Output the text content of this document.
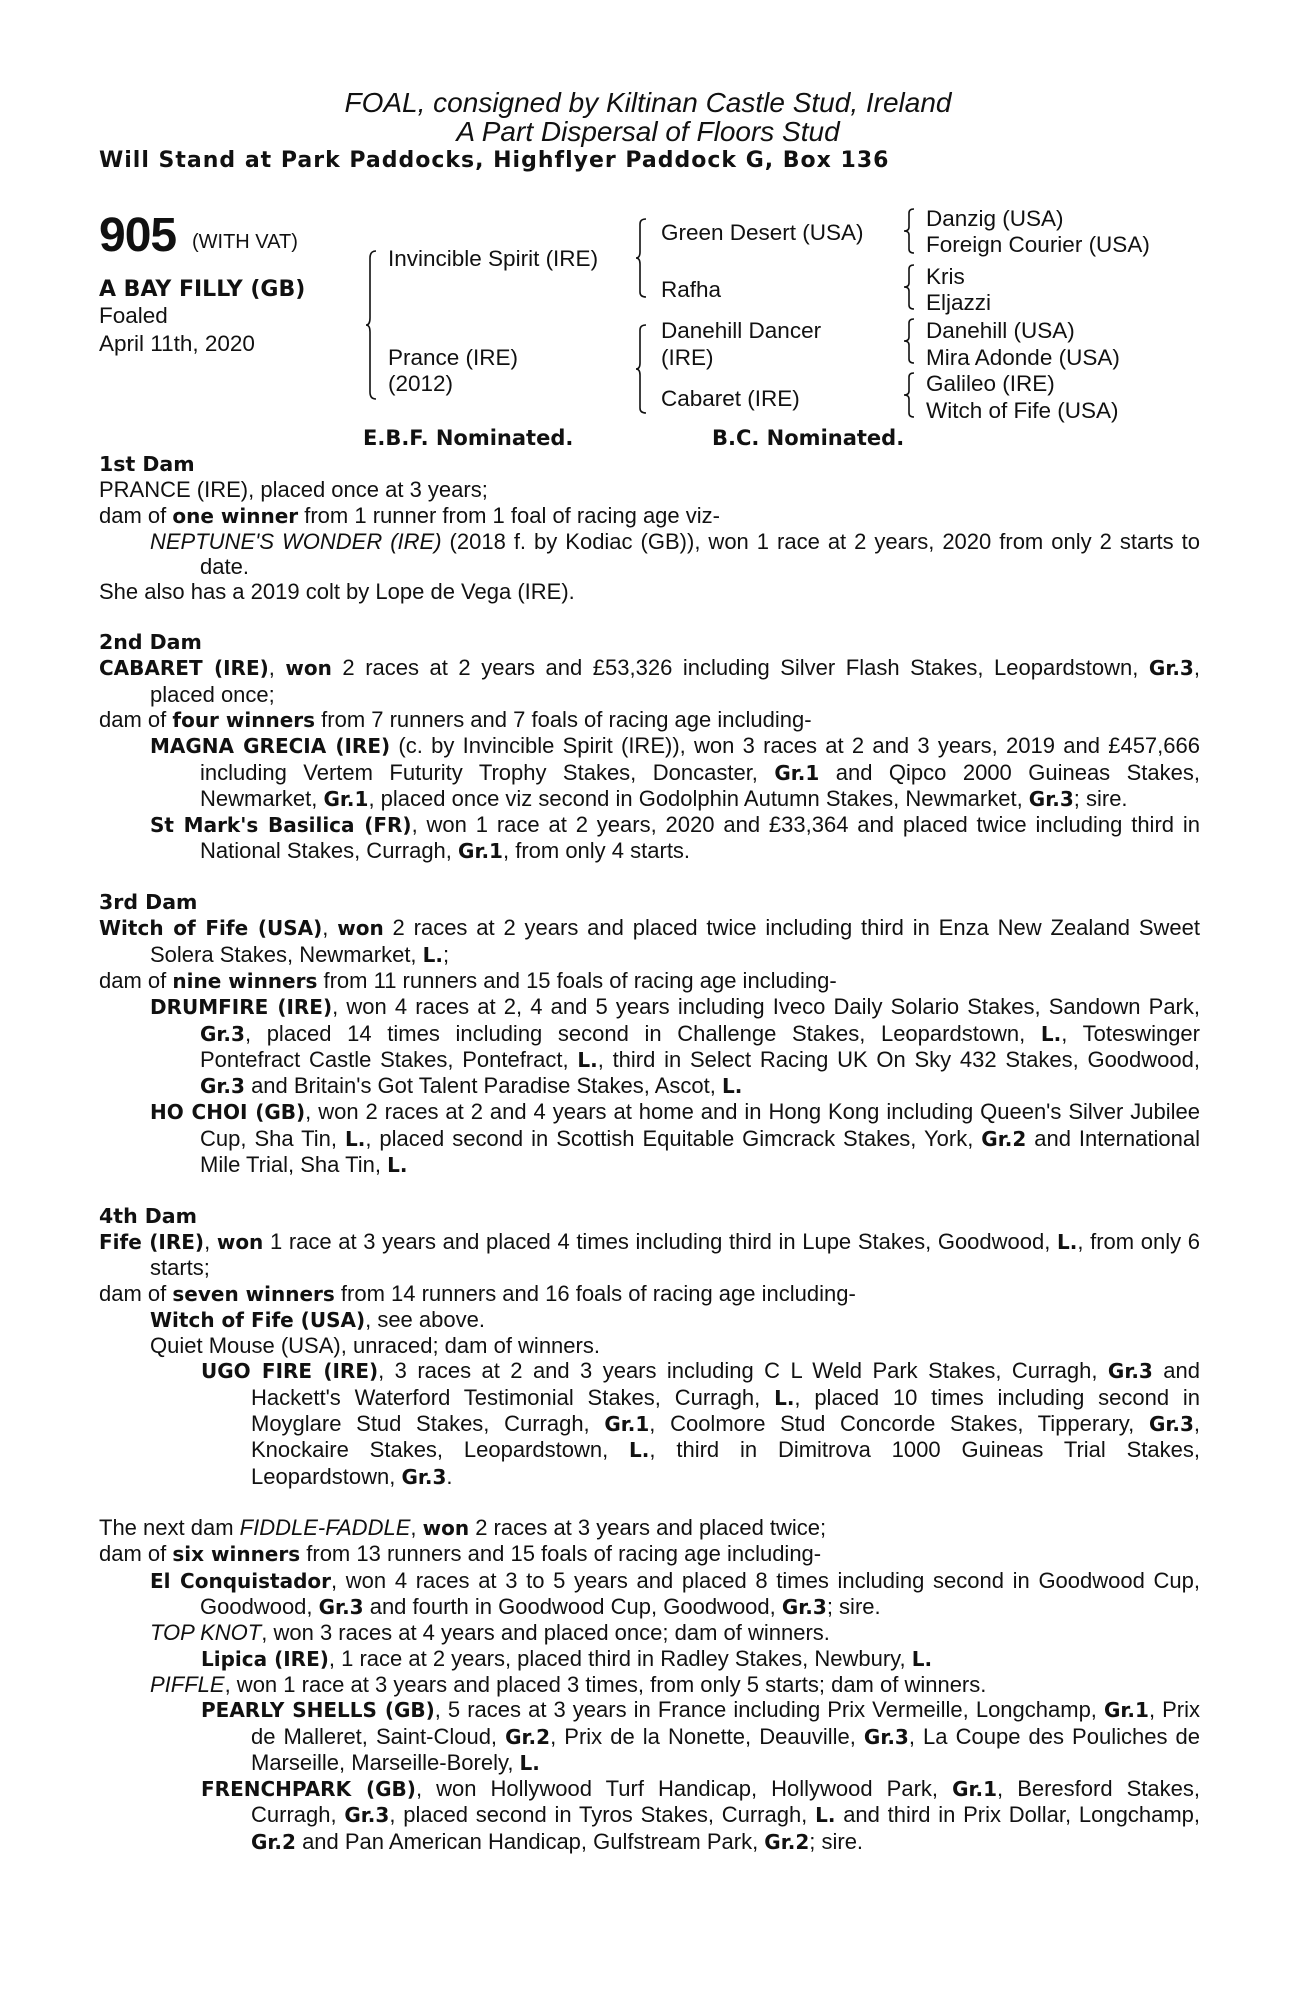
FOAL, consigned by Kiltinan Castle Stud, Ireland
A Part Dispersal of Floors Stud
Will Stand at Park Paddocks, Highflyer Paddock G, Box 136
905 (WITH VAT)
A BAY FILLY (GB)
Foaled
April 11th, 2020
Invincible Spirit (IRE)
Prance (IRE)
(2012)
Green Desert (USA)
Rafha
Danehill Dancer
(IRE)
Cabaret (IRE)
Danzig (USA)
Foreign Courier (USA)
Kris
Eljazzi
Danehill (USA)
Mira Adonde (USA)
Galileo (IRE)
Witch of Fife (USA)
E.B.F. Nominated.	B.C. Nominated.
1st Dam
PRANCE (IRE), placed once at 3 years;
dam of one winner from 1 runner from 1 foal of racing age viz-
NEPTUNE'S WONDER (IRE) (2018 f. by Kodiac (GB)), won 1 race at 2 years, 2020 from only 2 starts to date.
She also has a 2019 colt by Lope de Vega (IRE).
2nd Dam
CABARET (IRE), won 2 races at 2 years and £53,326 including Silver Flash Stakes, Leopardstown, Gr.3, placed once;
dam of four winners from 7 runners and 7 foals of racing age including-
MAGNA GRECIA (IRE) (c. by Invincible Spirit (IRE)), won 3 races at 2 and 3 years, 2019 and £457,666 including Vertem Futurity Trophy Stakes, Doncaster, Gr.1 and Qipco 2000 Guineas Stakes, Newmarket, Gr.1, placed once viz second in Godolphin Autumn Stakes, Newmarket, Gr.3; sire.
St Mark's Basilica (FR), won 1 race at 2 years, 2020 and £33,364 and placed twice including third in National Stakes, Curragh, Gr.1, from only 4 starts.
3rd Dam
Witch of Fife (USA), won 2 races at 2 years and placed twice including third in Enza New Zealand Sweet Solera Stakes, Newmarket, L.;
dam of nine winners from 11 runners and 15 foals of racing age including-
DRUMFIRE (IRE), won 4 races at 2, 4 and 5 years including Iveco Daily Solario Stakes, Sandown Park, Gr.3, placed 14 times including second in Challenge Stakes, Leopardstown, L., Toteswinger Pontefract Castle Stakes, Pontefract, L., third in Select Racing UK On Sky 432 Stakes, Goodwood, Gr.3 and Britain's Got Talent Paradise Stakes, Ascot, L.
HO CHOI (GB), won 2 races at 2 and 4 years at home and in Hong Kong including Queen's Silver Jubilee Cup, Sha Tin, L., placed second in Scottish Equitable Gimcrack Stakes, York, Gr.2 and International Mile Trial, Sha Tin, L.
4th Dam
Fife (IRE), won 1 race at 3 years and placed 4 times including third in Lupe Stakes, Goodwood, L., from only 6 starts;
dam of seven winners from 14 runners and 16 foals of racing age including-
Witch of Fife (USA), see above.
Quiet Mouse (USA), unraced; dam of winners.
UGO FIRE (IRE), 3 races at 2 and 3 years including C L Weld Park Stakes, Curragh, Gr.3 and Hackett's Waterford Testimonial Stakes, Curragh, L., placed 10 times including second in Moyglare Stud Stakes, Curragh, Gr.1, Coolmore Stud Concorde Stakes, Tipperary, Gr.3, Knockaire Stakes, Leopardstown, L., third in Dimitrova 1000 Guineas Trial Stakes, Leopardstown, Gr.3.
The next dam FIDDLE-FADDLE, won 2 races at 3 years and placed twice;
dam of six winners from 13 runners and 15 foals of racing age including-
El Conquistador, won 4 races at 3 to 5 years and placed 8 times including second in Goodwood Cup, Goodwood, Gr.3 and fourth in Goodwood Cup, Goodwood, Gr.3; sire.
TOP KNOT, won 3 races at 4 years and placed once; dam of winners.
Lipica (IRE), 1 race at 2 years, placed third in Radley Stakes, Newbury, L.
PIFFLE, won 1 race at 3 years and placed 3 times, from only 5 starts; dam of winners.
PEARLY SHELLS (GB), 5 races at 3 years in France including Prix Vermeille, Longchamp, Gr.1, Prix de Malleret, Saint-Cloud, Gr.2, Prix de la Nonette, Deauville, Gr.3, La Coupe des Pouliches de Marseille, Marseille-Borely, L.
FRENCHPARK (GB), won Hollywood Turf Handicap, Hollywood Park, Gr.1, Beresford Stakes, Curragh, Gr.3, placed second in Tyros Stakes, Curragh, L. and third in Prix Dollar, Longchamp, Gr.2 and Pan American Handicap, Gulfstream Park, Gr.2; sire.
